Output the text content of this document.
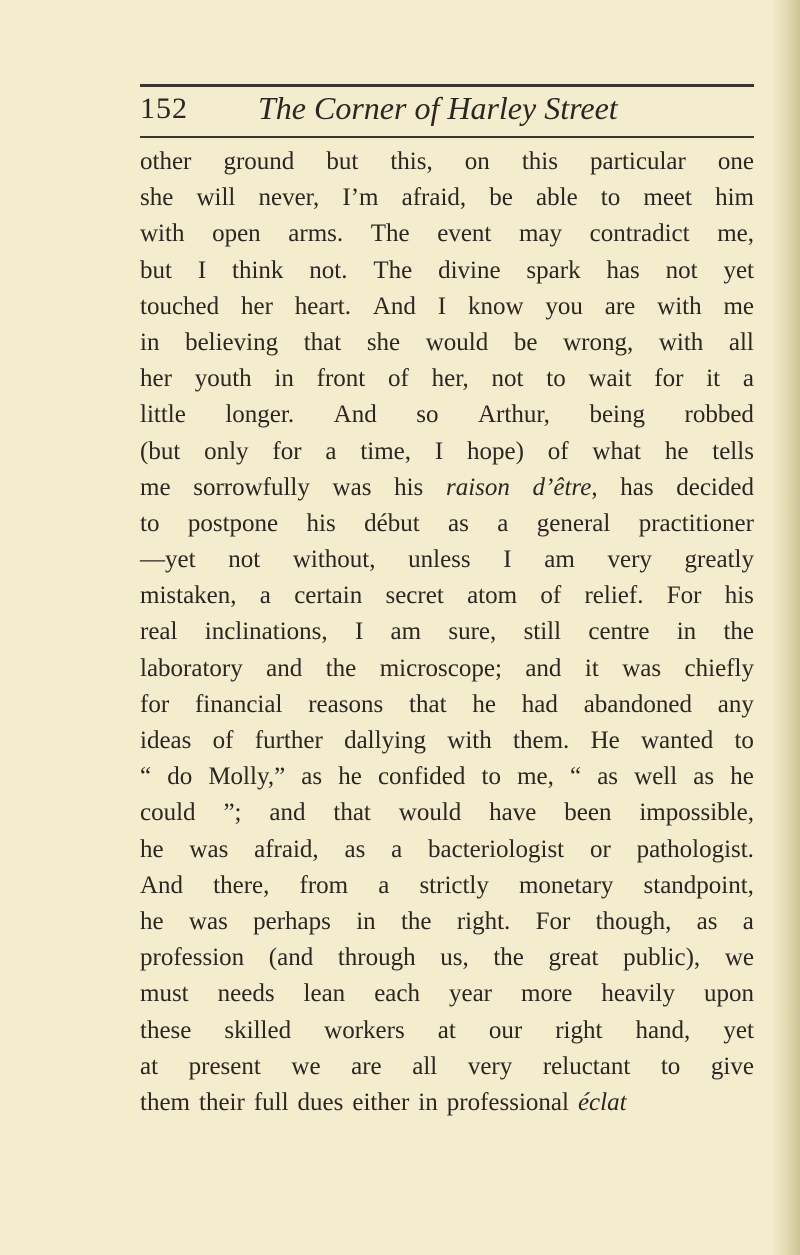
152 The Corner of Harley Street
other ground but this, on this particular one
she will never, I’m afraid, be able to meet him
with open arms. The event may contradict me,
but I think not. The divine spark has not yet
touched her heart. And I know you are with me
in believing that she would be wrong, with all
her youth in front of her, not to wait for it a
little longer. And so Arthur, being robbed
(but only for a time, I hope) of what he tells
me sorrowfully was his raison d’être, has decided
to postpone his début as a general practitioner
—yet not without, unless I am very greatly
mistaken, a certain secret atom of relief. For his
real inclinations, I am sure, still centre in the
laboratory and the microscope; and it was chiefly
for financial reasons that he had abandoned any
ideas of further dallying with them. He wanted to
“ do Molly,” as he confided to me, “ as well as he
could ”; and that would have been impossible,
he was afraid, as a bacteriologist or pathologist.
And there, from a strictly monetary standpoint,
he was perhaps in the right. For though, as a
profession (and through us, the great public), we
must needs lean each year more heavily upon
these skilled workers at our right hand, yet
at present we are all very reluctant to give
them their full dues either in professional éclat
